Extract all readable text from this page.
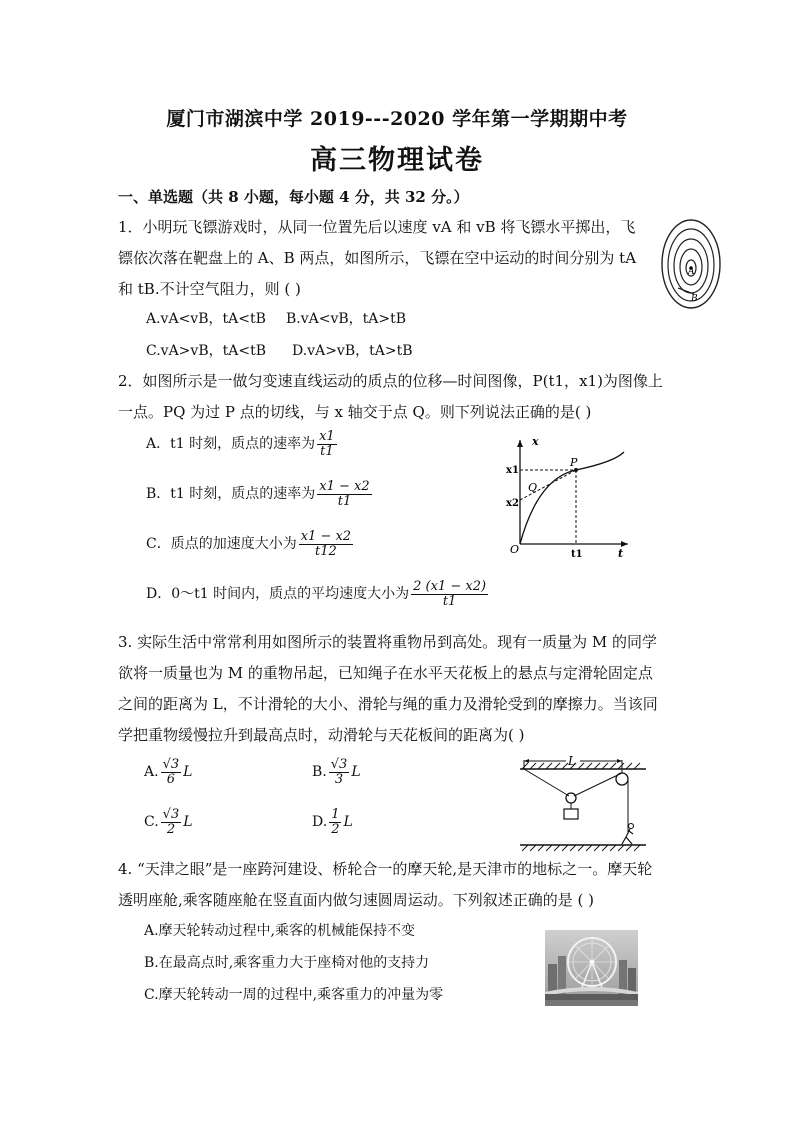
厦门市湖滨中学 2019---2020 学年第一学期期中考
高三物理试卷
一、单选题（共 8 小题，每小题 4 分，共 32 分。）
1．小明玩飞镖游戏时，从同一位置先后以速度 vA 和 vB 将飞镖水平掷出，飞
镖依次落在靶盘上的 A、B 两点，如图所示，飞镖在空中运动的时间分别为 tA
和 tB.不计空气阻力，则 ( )
A.vA<vB，tA<tB B.vA<vB，tA>tB
C.vA>vB，tA<tB D.vA>vB，tA>tB
A
B
2．如图所示是一做匀变速直线运动的质点的位移—时间图像，P(t1，x1)为图像上
一点。PQ 为过 P 点的切线，与 x 轴交于点 Q。则下列说法正确的是( )
A．t1 时刻，质点的速率为 $\frac{x1}{t1}$
B．t1 时刻，质点的速率为 $\frac{x1 - x2}{t1}$
C．质点的加速度大小为 $\frac{x1 - x2}{t12}$
D．0～t1 时间内，质点的平均速度大小为 $\frac{2 (x1 - x2)}{t1}$
x
x1
x2
P
Q
O	t1	t
3. 实际生活中常常利用如图所示的装置将重物吊到高处。现有一质量为 M 的同学
欲将一质量也为 M 的重物吊起，已知绳子在水平天花板上的悬点与定滑轮固定点
之间的距离为 L，不计滑轮的大小、滑轮与绳的重力及滑轮受到的摩擦力。当该同
学把重物缓慢拉升到最高点时，动滑轮与天花板间的距离为( )
A. $\frac{√3}{6}$ L	B. $\frac{√3}{3}$ L
C. $\frac{√3}{2}$ L	D. $\frac{1}{2}$ L
L
4. “天津之眼”是一座跨河建设、桥轮合一的摩天轮,是天津市的地标之一。摩天轮
透明座舱,乘客随座舱在竖直面内做匀速圆周运动。下列叙述正确的是 ( )
A.摩天轮转动过程中,乘客的机械能保持不变
B.在最高点时,乘客重力大于座椅对他的支持力
C.摩天轮转动一周的过程中,乘客重力的冲量为零
